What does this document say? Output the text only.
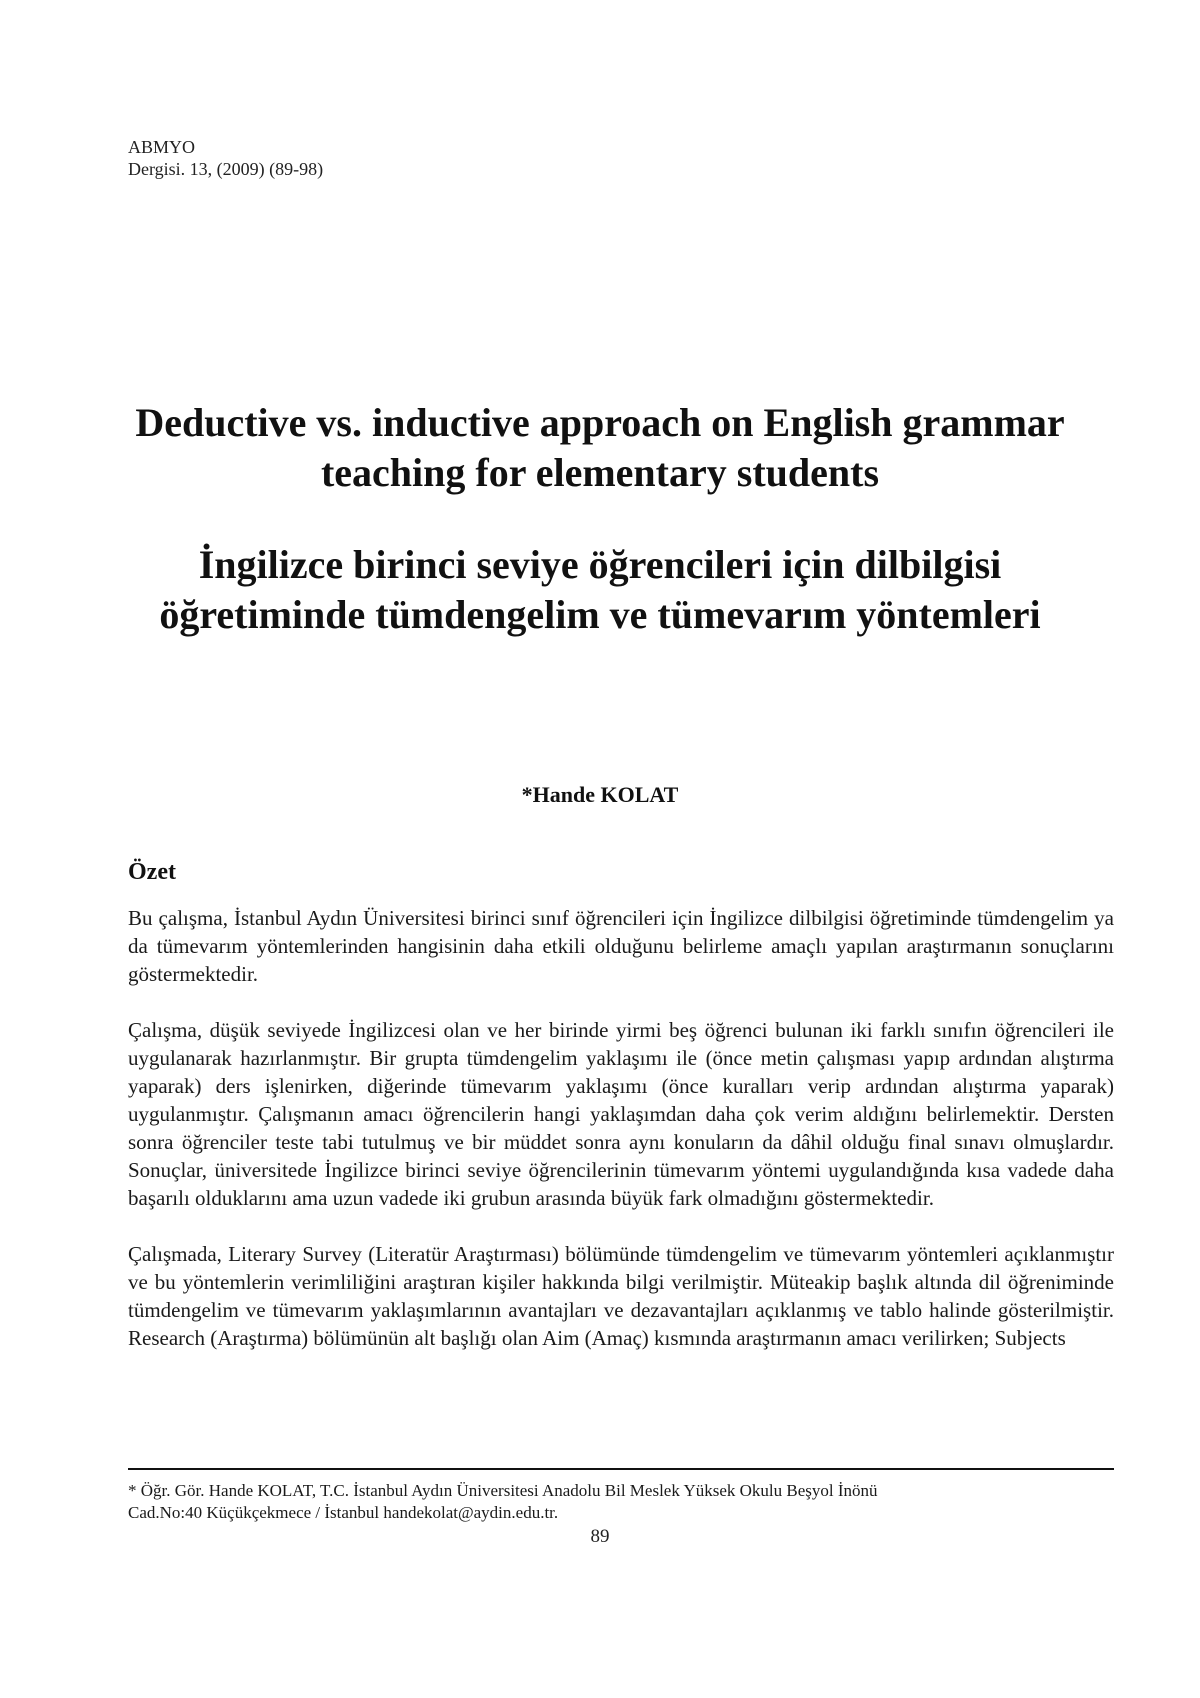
ABMYO
Dergisi. 13, (2009) (89-98)
Deductive vs. inductive approach on English grammar
teaching for elementary students
İngilizce birinci seviye öğrencileri için dilbilgisi
öğretiminde tümdengelim ve tümevarım yöntemleri
*Hande KOLAT
Özet

Bu çalışma, İstanbul Aydın Üniversitesi birinci sınıf öğrencileri için İngilizce dilbilgisi öğretiminde tümdengelim ya da tümevarım yöntemlerinden hangisinin daha etkili olduğunu belirleme amaçlı yapılan araştırmanın sonuçlarını göstermektedir.

Çalışma, düşük seviyede İngilizcesi olan ve her birinde yirmi beş öğrenci bulunan iki farklı sınıfın öğrencileri ile uygulanarak hazırlanmıştır. Bir grupta tümdengelim yaklaşımı ile (önce metin çalışması yapıp ardından alıştırma yaparak) ders işlenirken, diğerinde tümevarım yaklaşımı (önce kuralları verip ardından alıştırma yaparak) uygulanmıştır. Çalışmanın amacı öğrencilerin hangi yaklaşımdan daha çok verim aldığını belirlemektir. Dersten sonra öğrenciler teste tabi tutulmuş ve bir müddet sonra aynı konuların da dâhil olduğu final sınavı olmuşlardır. Sonuçlar, üniversitede İngilizce birinci seviye öğrencilerinin tümevarım yöntemi uygulandığında kısa vadede daha başarılı olduklarını ama uzun vadede iki grubun arasında büyük fark olmadığını göstermektedir.

Çalışmada, Literary Survey (Literatür Araştırması) bölümünde tümdengelim ve tümevarım yöntemleri açıklanmıştır ve bu yöntemlerin verimliliğini araştıran kişiler hakkında bilgi verilmiştir. Müteakip başlık altında dil öğreniminde tümdengelim ve tümevarım yaklaşımlarının avantajları ve dezavantajları açıklanmış ve tablo halinde gösterilmiştir. Research (Araştırma) bölümünün alt başlığı olan Aim (Amaç) kısmında araştırmanın amacı verilirken; Subjects

* Öğr. Gör. Hande KOLAT, T.C. İstanbul Aydın Üniversitesi Anadolu Bil Meslek Yüksek Okulu Beşyol İnönü
Cad.No:40 Küçükçekmece / İstanbul handekolat@aydin.edu.tr.
89
